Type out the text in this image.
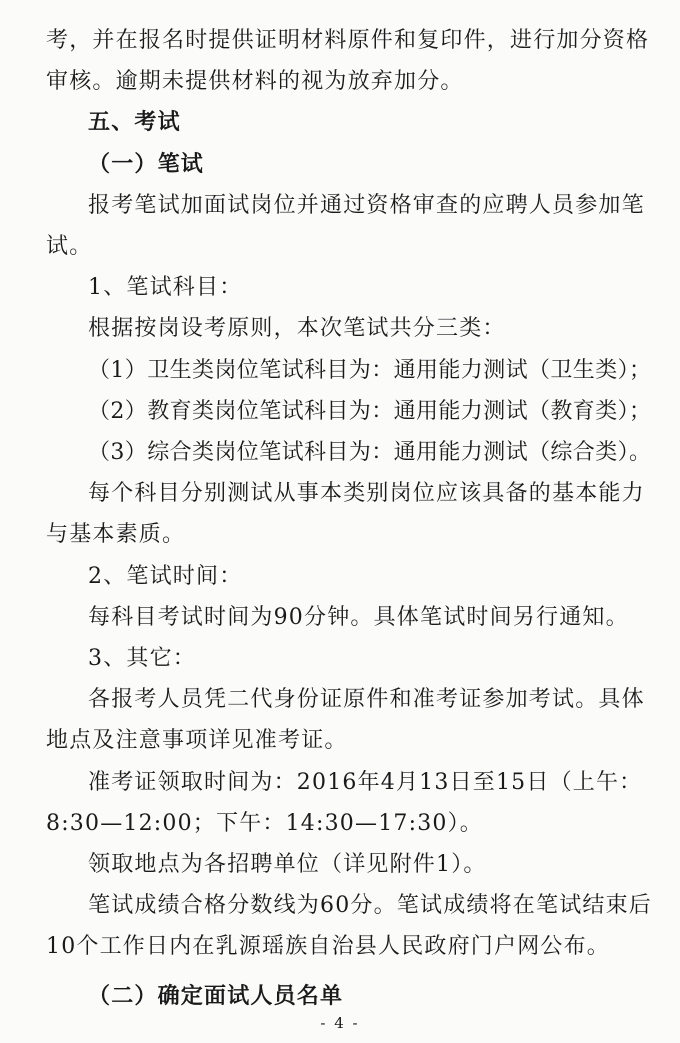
考，并在报名时提供证明材料原件和复印件，进行加分资格
审核。逾期未提供材料的视为放弃加分。
五、考试
（一）笔试
报考笔试加面试岗位并通过资格审查的应聘人员参加笔
试。
1、笔试科目：
根据按岗设考原则，本次笔试共分三类：
（1）卫生类岗位笔试科目为：通用能力测试（卫生类）；
（2）教育类岗位笔试科目为：通用能力测试（教育类）；
（3）综合类岗位笔试科目为：通用能力测试（综合类）。
每个科目分别测试从事本类别岗位应该具备的基本能力
与基本素质。
2、笔试时间：
每科目考试时间为90分钟。具体笔试时间另行通知。
3、其它：
各报考人员凭二代身份证原件和准考证参加考试。具体
地点及注意事项详见准考证。
准考证领取时间为：2016年4月13日至15日（上午：
8:30—12:00；下午：14:30—17:30）。
领取地点为各招聘单位（详见附件1）。
笔试成绩合格分数线为60分。笔试成绩将在笔试结束后
10个工作日内在乳源瑶族自治县人民政府门户网公布。
（二）确定面试人员名单
- 4 -
